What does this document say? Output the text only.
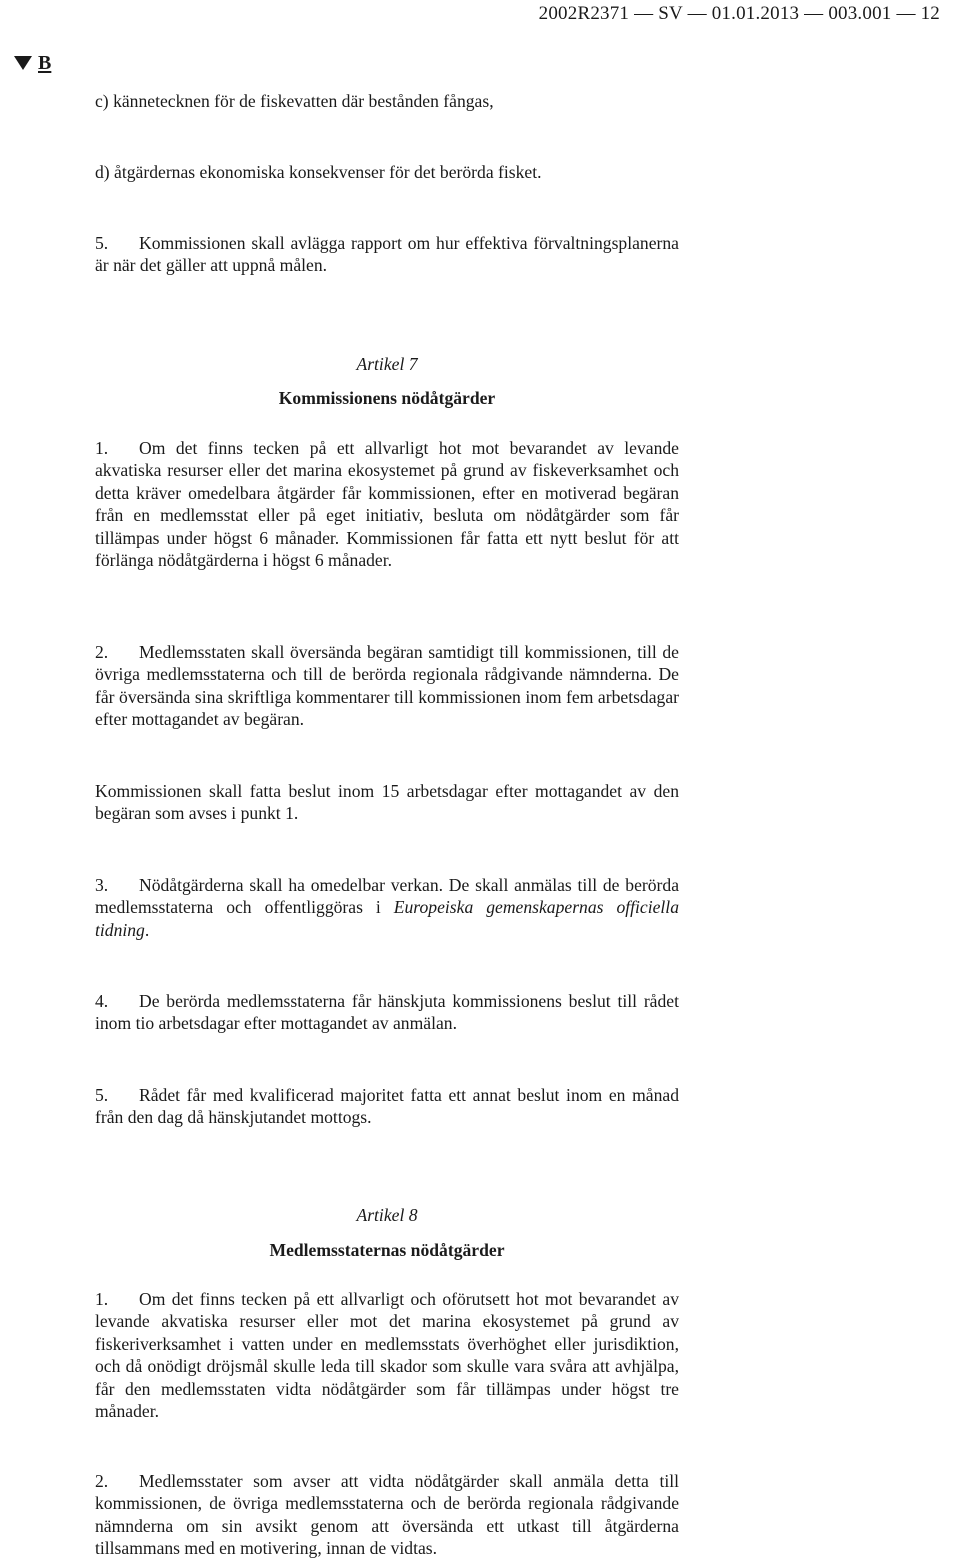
2002R2371 — SV — 01.01.2013 — 003.001 — 12
B
c) kännetecknen för de fiskevatten där bestånden fångas,
d) åtgärdernas ekonomiska konsekvenser för det berörda fisket.
5. Kommissionen skall avlägga rapport om hur effektiva förvaltningsplanerna är när det gäller att uppnå målen.
Artikel 7
Kommissionens nödåtgärder
1. Om det finns tecken på ett allvarligt hot mot bevarandet av levande akvatiska resurser eller det marina ekosystemet på grund av fiskeverksamhet och detta kräver omedelbara åtgärder får kommissionen, efter en motiverad begäran från en medlemsstat eller på eget initiativ, besluta om nödåtgärder som får tillämpas under högst 6 månader. Kommissionen får fatta ett nytt beslut för att förlänga nödåtgärderna i högst 6 månader.
2. Medlemsstaten skall översända begäran samtidigt till kommissionen, till de övriga medlemsstaterna och till de berörda regionala rådgivande nämnderna. De får översända sina skriftliga kommentarer till kommissionen inom fem arbetsdagar efter mottagandet av begäran.
Kommissionen skall fatta beslut inom 15 arbetsdagar efter mottagandet av den begäran som avses i punkt 1.
3. Nödåtgärderna skall ha omedelbar verkan. De skall anmälas till de berörda medlemsstaterna och offentliggöras i Europeiska gemenskapernas officiella tidning.
4. De berörda medlemsstaterna får hänskjuta kommissionens beslut till rådet inom tio arbetsdagar efter mottagandet av anmälan.
5. Rådet får med kvalificerad majoritet fatta ett annat beslut inom en månad från den dag då hänskjutandet mottogs.
Artikel 8
Medlemsstaternas nödåtgärder
1. Om det finns tecken på ett allvarligt och oförutsett hot mot bevarandet av levande akvatiska resurser eller mot det marina ekosystemet på grund av fiskeriverksamhet i vatten under en medlemsstats överhöghet eller jurisdiktion, och då onödigt dröjsmål skulle leda till skador som skulle vara svåra att avhjälpa, får den medlemsstaten vidta nödåtgärder som får tillämpas under högst tre månader.
2. Medlemsstater som avser att vidta nödåtgärder skall anmäla detta till kommissionen, de övriga medlemsstaterna och de berörda regionala rådgivande nämnderna om sin avsikt genom att översända ett utkast till åtgärderna tillsammans med en motivering, innan de vidtas.
